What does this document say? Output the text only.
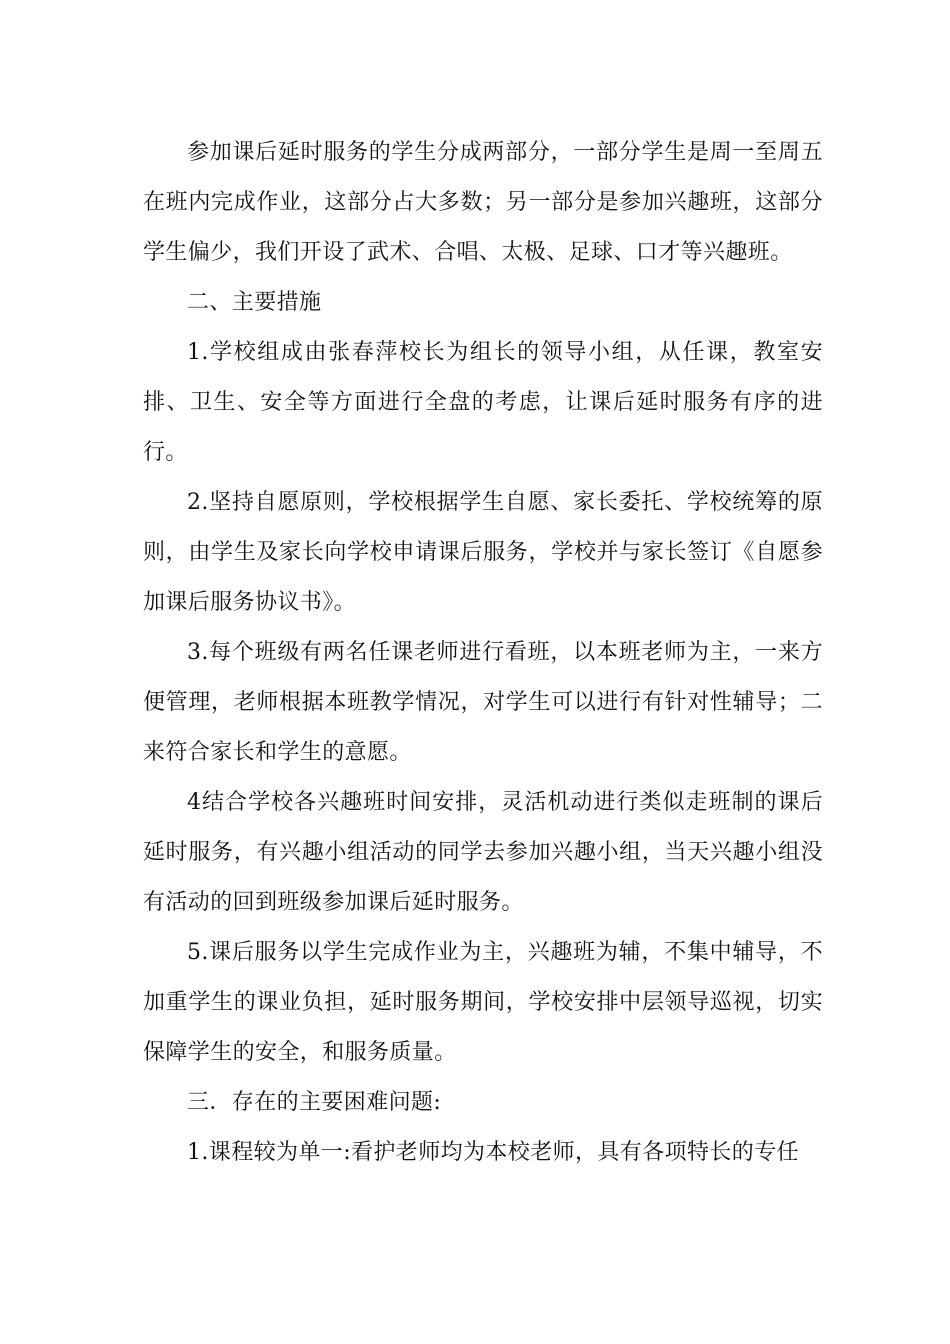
参加课后延时服务的学生分成两部分，一部分学生是周一至周五在班内完成作业，这部分占大多数；另一部分是参加兴趣班，这部分学生偏少，我们开设了武术、合唱、太极、足球、口才等兴趣班。

二、主要措施

1.学校组成由张春萍校长为组长的领导小组，从任课，教室安排、卫生、安全等方面进行全盘的考虑，让课后延时服务有序的进行。

2.坚持自愿原则，学校根据学生自愿、家长委托、学校统筹的原则，由学生及家长向学校申请课后服务，学校并与家长签订《自愿参加课后服务协议书》。

3.每个班级有两名任课老师进行看班，以本班老师为主，一来方便管理，老师根据本班教学情况，对学生可以进行有针对性辅导；二来符合家长和学生的意愿。

4结合学校各兴趣班时间安排，灵活机动进行类似走班制的课后延时服务，有兴趣小组活动的同学去参加兴趣小组，当天兴趣小组没有活动的回到班级参加课后延时服务。

5.课后服务以学生完成作业为主，兴趣班为辅，不集中辅导，不加重学生的课业负担，延时服务期间，学校安排中层领导巡视，切实保障学生的安全，和服务质量。

三．存在的主要困难问题:

1.课程较为单一:看护老师均为本校老师，具有各项特长的专任
